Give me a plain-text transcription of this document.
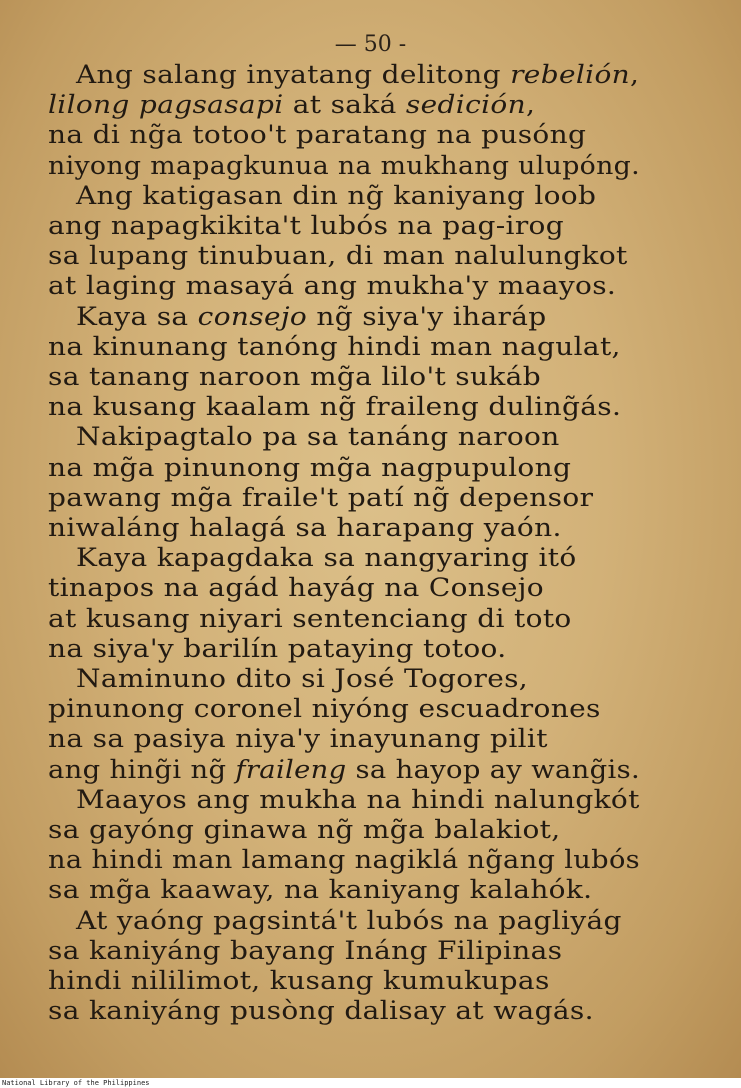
— 50 -
Ang salang inyatang delitong rebelión,
lilong pagsasapi at saká sedición,
na di ng̃a totoo't paratang na pusóng
niyong mapagkunua na mukhang ulupóng.
Ang katigasan din ng̃ kaniyang loob
ang napagkikita't lubós na pag-irog
sa lupang tinubuan, di man nalulungkot
at laging masayá ang mukha'y maayos.
Kaya sa consejo ng̃ siya'y iharáp
na kinunang tanóng hindi man nagulat,
sa tanang naroon mg̃a lilo't sukáb
na kusang kaalam ng̃ fraileng duling̃ás.
Nakipagtalo pa sa tanáng naroon
na mg̃a pinunong mg̃a nagpupulong
pawang mg̃a fraile't patí ng̃ depensor
niwaláng halagá sa harapang yaón.
Kaya kapagdaka sa nangyaring itó
tinapos na agád hayág na Consejo
at kusang niyari sentenciang di toto
na siya'y barilín pataying totoo.
Naminuno dito si José Togores,
pinunong coronel niyóng escuadrones
na sa pasiya niya'y inayunang pilit
ang hing̃i ng̃ fraileng sa hayop ay wang̃is.
Maayos ang mukha na hindi nalungkót
sa gayóng ginawa ng̃ mg̃a balakiot,
na hindi man lamang nagiklá ng̃ang lubós
sa mg̃a kaaway, na kaniyang kalahók.
At yaóng pagsintá't lubós na pagliyág
sa kaniyáng bayang Ináng Filipinas
hindi nililimot, kusang kumukupas
sa kaniyáng pusòng dalisay at wagás.
National Library of the Philippines
